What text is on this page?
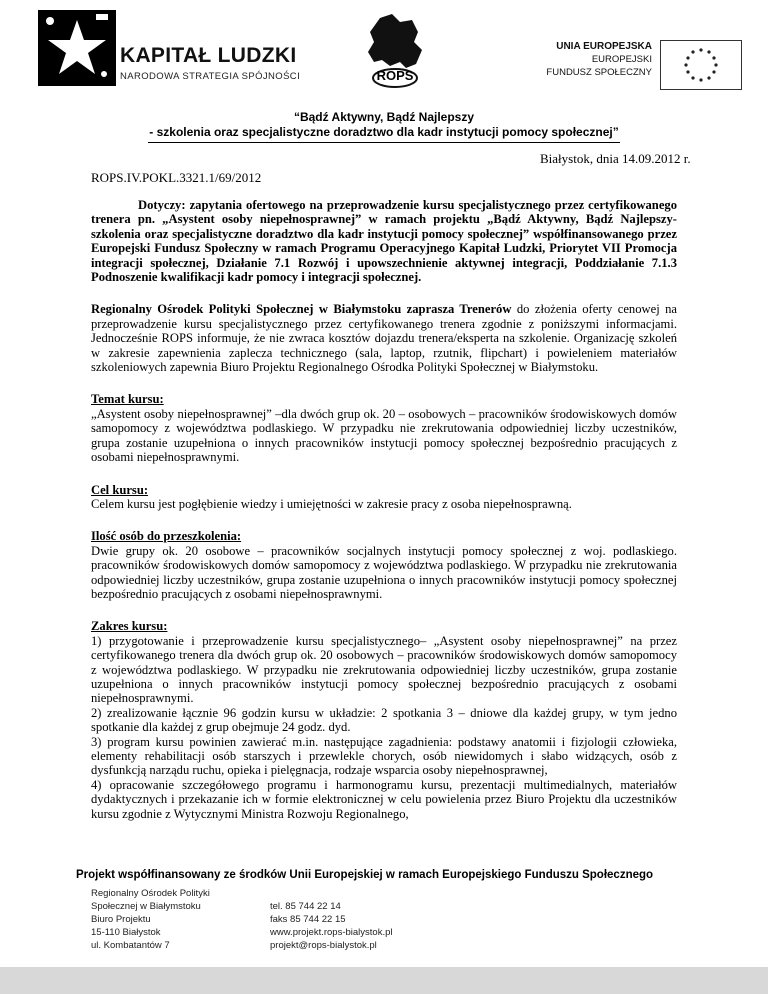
KAPITAŁ LUDZKI
NARODOWA STRATEGIA SPÓJNOŚCI	ROPS
UNIA EUROPEJSKA
EUROPEJSKI
FUNDUSZ SPOŁECZNY
“Bądź Aktywny, Bądź Najlepszy
- szkolenia oraz specjalistyczne doradztwo dla kadr instytucji pomocy społecznej”
Białystok, dnia 14.09.2012 r.
ROPS.IV.POKL.3321.1/69/2012

Dotyczy: zapytania ofertowego na przeprowadzenie kursu specjalistycznego przez certyfikowanego trenera pn. „Asystent osoby niepełnosprawnej” w ramach projektu „Bądź Aktywny, Bądź Najlepszy- szkolenia oraz specjalistyczne doradztwo dla kadr instytucji pomocy społecznej” współfinansowanego przez Europejski Fundusz Społeczny w ramach Programu Operacyjnego Kapitał Ludzki, Priorytet VII Promocja integracji społecznej, Działanie 7.1 Rozwój i upowszechnienie aktywnej integracji, Poddziałanie 7.1.3 Podnoszenie kwalifikacji kadr pomocy i integracji społecznej.

Regionalny Ośrodek Polityki Społecznej w Białymstoku zaprasza Trenerów do złożenia oferty cenowej na przeprowadzenie kursu specjalistycznego przez certyfikowanego trenera zgodnie z poniższymi informacjami. Jednocześnie ROPS informuje, że nie zwraca kosztów dojazdu trenera/eksperta na szkolenie. Organizację szkoleń w zakresie zapewnienia zaplecza technicznego (sala, laptop, rzutnik, flipchart) i powieleniem materiałów szkoleniowych zapewnia Biuro Projektu Regionalnego Ośrodka Polityki Społecznej w Białymstoku.

Temat kursu:

„Asystent osoby niepełnosprawnej” –dla dwóch grup ok. 20 – osobowych – pracowników środowiskowych domów samopomocy z województwa podlaskiego. W przypadku nie zrekrutowania odpowiedniej liczby uczestników, grupa zostanie uzupełniona o innych pracowników instytucji pomocy społecznej bezpośrednio pracujących z osobami niepełnosprawnymi.

Cel kursu:

Celem kursu jest pogłębienie wiedzy i umiejętności w zakresie pracy z osoba niepełnosprawną.

Ilość osób do przeszkolenia:

Dwie grupy ok. 20 osobowe – pracowników socjalnych instytucji pomocy społecznej z woj. podlaskiego. pracowników środowiskowych domów samopomocy z województwa podlaskiego. W przypadku nie zrekrutowania odpowiedniej liczby uczestników, grupa zostanie uzupełniona o innych pracowników instytucji pomocy społecznej bezpośrednio pracujących z osobami niepełnosprawnymi.

Zakres kursu:

1) przygotowanie i przeprowadzenie kursu specjalistycznego– „Asystent osoby niepełnosprawnej” na przez certyfikowanego trenera dla dwóch grup ok. 20 osobowych – pracowników środowiskowych domów samopomocy z województwa podlaskiego. W przypadku nie zrekrutowania odpowiedniej liczby uczestników, grupa zostanie uzupełniona o innych pracowników instytucji pomocy społecznej bezpośrednio pracujących z osobami niepełnosprawnymi.

2) zrealizowanie łącznie 96 godzin kursu w układzie: 2 spotkania 3 – dniowe dla każdej grupy, w tym jedno spotkanie dla każdej z grup obejmuje 24 godz. dyd.

3) program kursu powinien zawierać m.in. następujące zagadnienia: podstawy anatomii i fizjologii człowieka, elementy rehabilitacji osób starszych i przewlekle chorych, osób niewidomych i słabo widzących, osób z dysfunkcją narządu ruchu, opieka i pielęgnacja, rodzaje wsparcia osoby niepełnosprawnej,

4) opracowanie szczegółowego programu i harmonogramu kursu, prezentacji multimedialnych, materiałów dydaktycznych i przekazanie ich w formie elektronicznej w celu powielenia przez Biuro Projektu dla uczestników kursu zgodnie z Wytycznymi Ministra Rozwoju Regionalnego,

Projekt współfinansowany ze środków Unii Europejskiej w ramach Europejskiego Funduszu Społecznego
Regionalny Ośrodek Polityki
Społecznej w Białymstoku
Biuro Projektu
15-110 Białystok
ul. Kombatantów 7
tel. 85 744 22 14
faks 85 744 22 15
www.projekt.rops-bialystok.pl
projekt@rops-bialystok.pl
